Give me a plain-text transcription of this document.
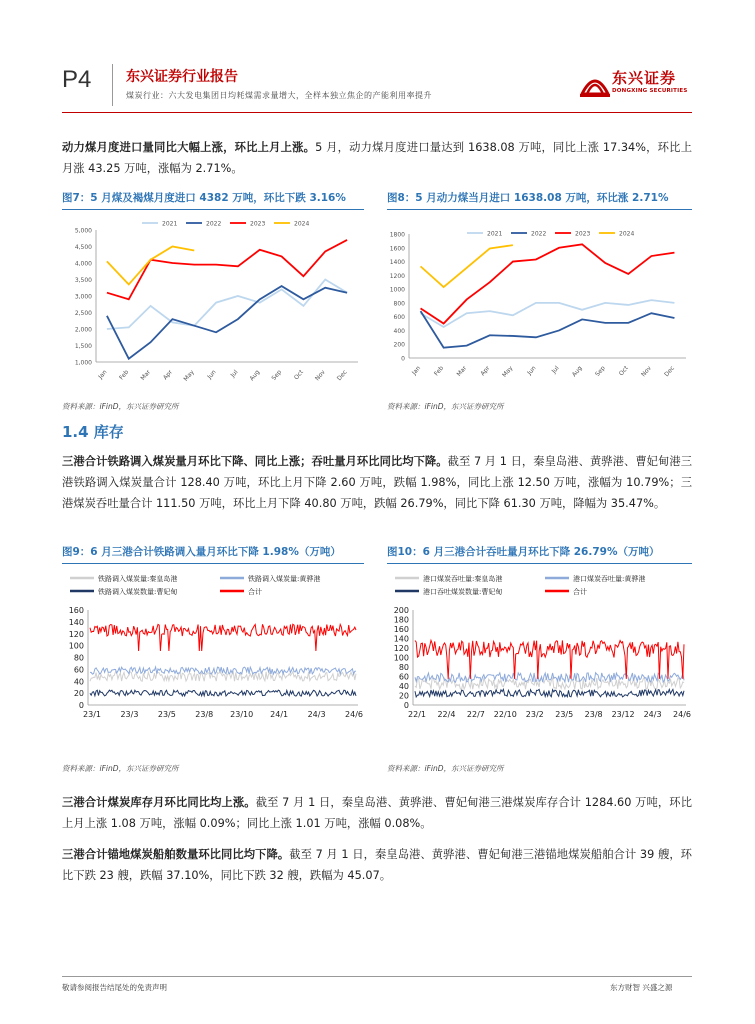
P4 东兴证券行业报告
煤炭行业：六大发电集团日均耗煤需求量增大，全样本独立焦企的产能利用率提升
东兴证券
DONGXING SECURITIES
动力煤月度进口量同比大幅上涨，环比上月上涨。5 月，动力煤月度进口量达到 1638.08 万吨，同比上涨 17.34%，环比上月涨 43.25 万吨，涨幅为 2.71%。
图7：5 月煤及褐煤月度进口 4382 万吨，环比下跌 3.16%	图8：5 月动力煤当月进口 1638.08 万吨，环比涨 2.71%
1,000
1,500
2,000
2,500
3,000
3,500
4,000
4,500
5,000
Jan Feb Mar Apr May Jun Jul Aug Sep Oct Nov Dec
2021	2022	2023	2024
0
200
400
600
800
1000
1200
1400
1600
1800
Jan Feb Mar Apr May Jun Jul Aug Sep Oct Nov Dec
2021	2022	2023	2024
资料来源：iFinD，东兴证券研究所	资料来源：iFinD，东兴证券研究所
1.4 库存
三港合计铁路调入煤炭量月环比下降、同比上涨；吞吐量月环比同比均下降。截至 7 月 1 日，秦皇岛港、黄骅港、曹妃甸港三港铁路调入煤炭量合计 128.40 万吨，环比上月下降 2.60 万吨，跌幅 1.98%，同比上涨 12.50 万吨，涨幅为 10.79%；三港煤炭吞吐量合计 111.50 万吨，环比上月下降 40.80 万吨，跌幅 26.79%，同比下降 61.30 万吨，降幅为 35.47%。
图9：6 月三港合计铁路调入量月环比下降 1.98%（万吨）	图10：6 月三港合计吞吐量月环比下降 26.79%（万吨）
铁路调入煤炭量:秦皇岛港	铁路调入煤炭量:黄骅港
铁路调入煤炭数量:曹妃甸	合计
0
20
40
60
80
100
120
140
160
23/1 23/3 23/5 23/8 23/10 24/1 24/3 24/6
港口煤炭吞吐量:秦皇岛港	港口煤炭吞吐量:黄骅港
港口吞吐煤炭数量:曹妃甸	合计
0
20
40
60
80
100
120
140
160
180
200
22/1 22/4 22/7 22/10 23/2 23/5 23/8 23/12 24/3 24/6
资料来源：iFinD，东兴证券研究所	资料来源：iFinD，东兴证券研究所
三港合计煤炭库存月环比同比均上涨。截至 7 月 1 日，秦皇岛港、黄骅港、曹妃甸港三港煤炭库存合计 1284.60 万吨，环比上月上涨 1.08 万吨，涨幅 0.09%；同比上涨 1.01 万吨，涨幅 0.08%。
三港合计锚地煤炭船舶数量环比同比均下降。截至 7 月 1 日，秦皇岛港、黄骅港、曹妃甸港三港锚地煤炭船舶合计 39 艘，环比下跌 23 艘，跌幅 37.10%，同比下跌 32 艘，跌幅为 45.07。
敬请参阅报告结尾处的免责声明	东方财智 兴盛之源
